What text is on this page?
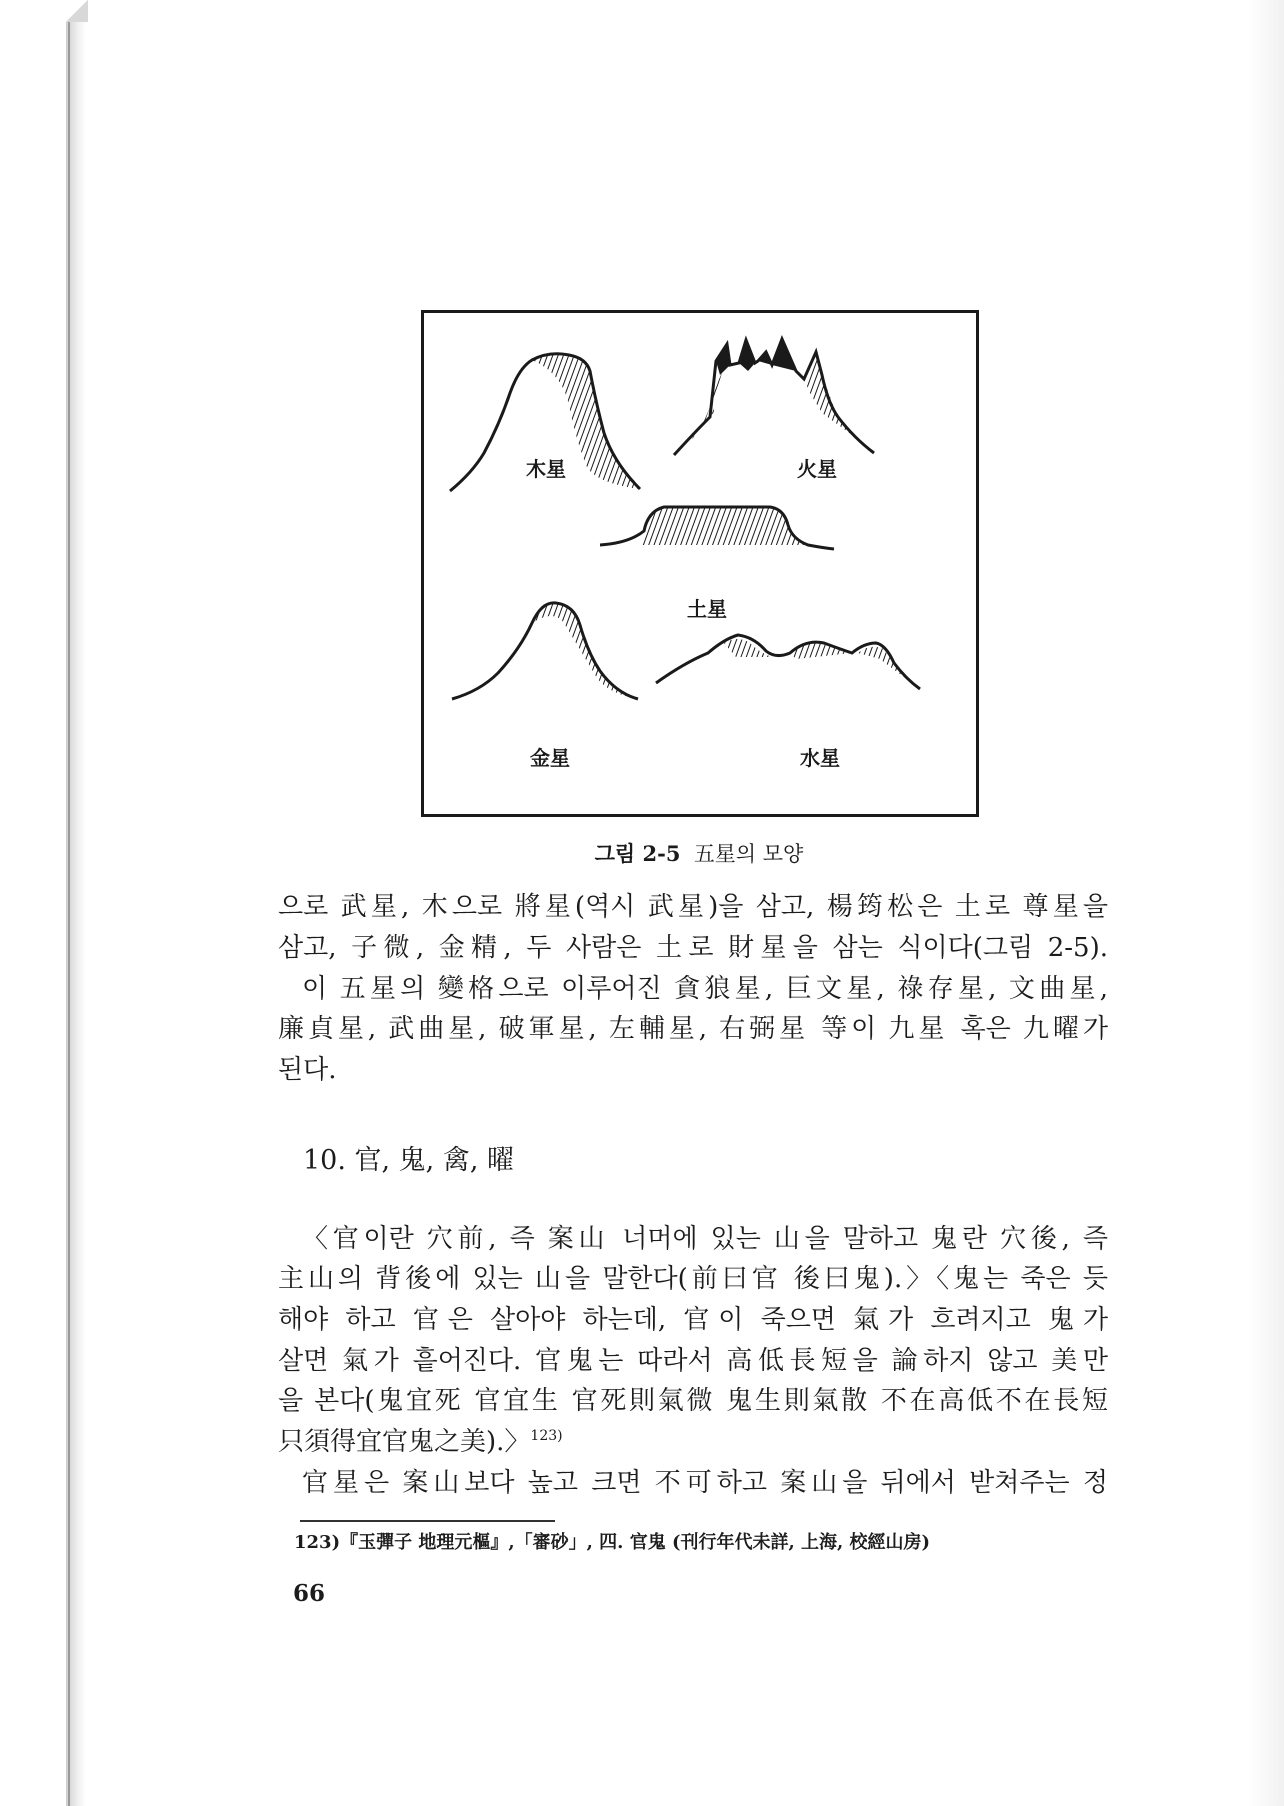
木星	火星
土星
金星	水星
그림 2-5 五星의 모양
으로 武星, 木으로 將星(역시 武星)을 삼고, 楊筠松은 土로 尊星을
삼고, 子微, 金精, 두 사람은 土로 財星을 삼는 식이다(그림 2-5).
이 五星의 變格으로 이루어진 貪狼星, 巨文星, 祿存星, 文曲星,
廉貞星, 武曲星, 破軍星, 左輔星, 右弼星 等이 九星 혹은 九曜가
된다.
10. 官, 鬼, 禽, 曜
〈官이란 穴前, 즉 案山 너머에 있는 山을 말하고 鬼란 穴後, 즉
主山의 背後에 있는 山을 말한다(前曰官 後曰鬼).〉〈鬼는 죽은 듯
해야 하고 官은 살아야 하는데, 官이 죽으면 氣가 흐려지고 鬼가
살면 氣가 흩어진다. 官鬼는 따라서 高低長短을 論하지 않고 美만
을 본다(鬼宜死 官宜生 官死則氣微 鬼生則氣散 不在高低不在長短
只須得宜官鬼之美).〉$^{123)}$
官星은 案山보다 높고 크면 不可하고 案山을 뒤에서 받쳐주는 정
123)『玉彈子 地理元樞』,「審砂」, 四. 官鬼 (刊行年代未詳, 上海, 校經山房)
66
